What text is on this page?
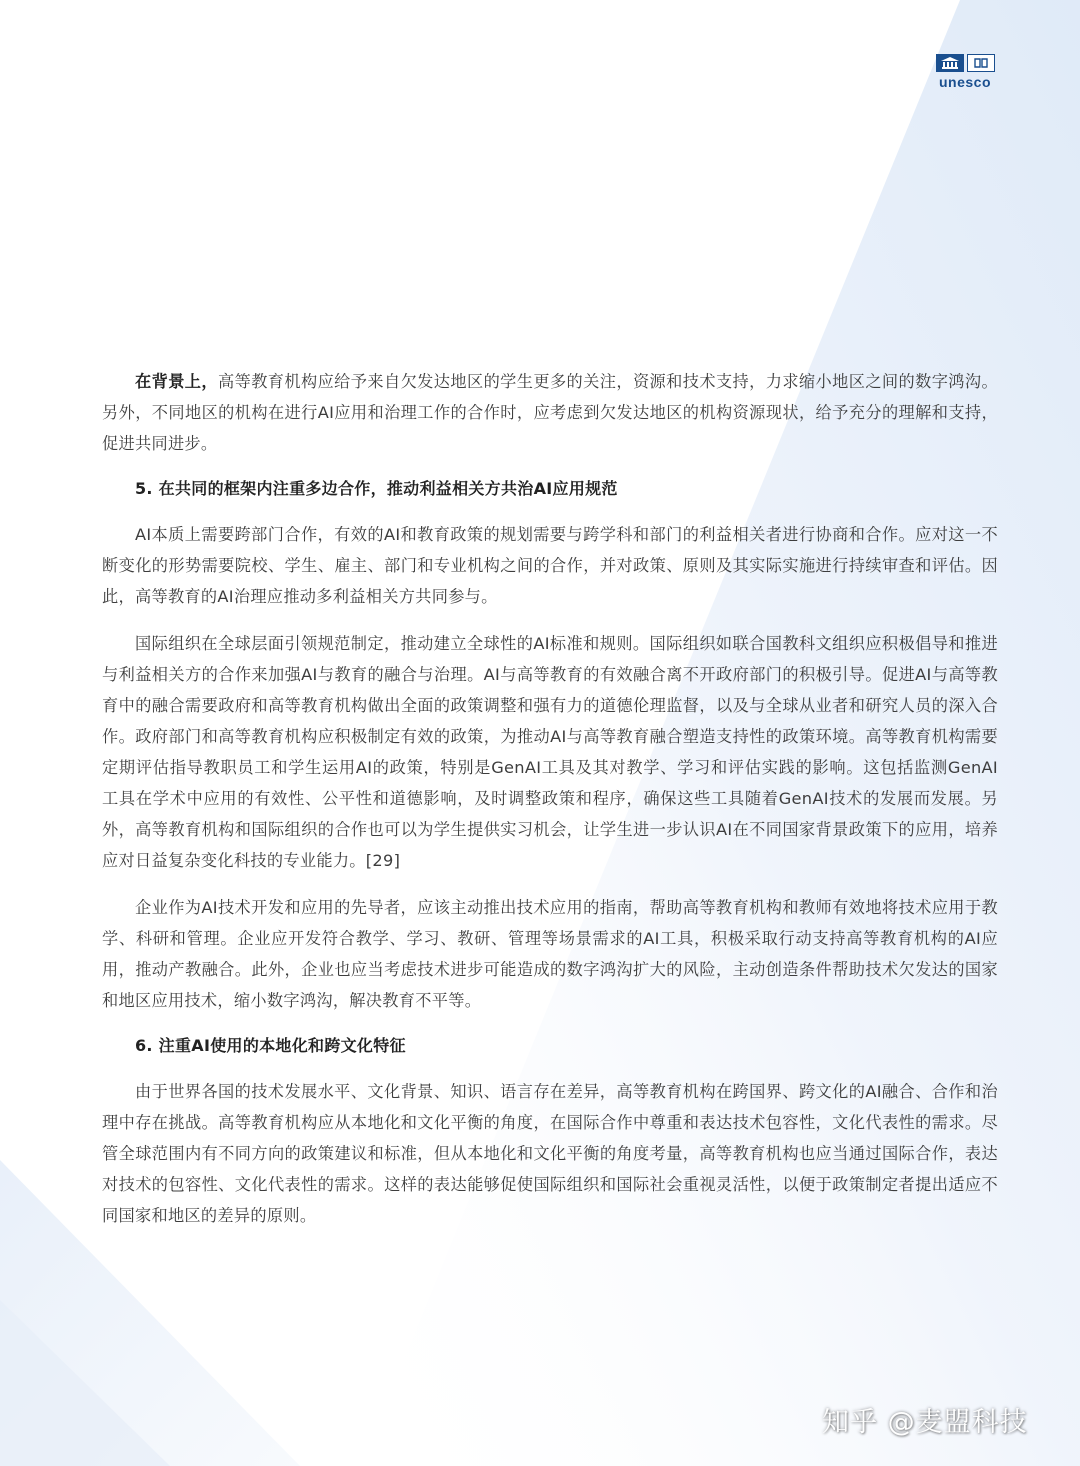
unesco

在背景上，高等教育机构应给予来自欠发达地区的学生更多的关注，资源和技术支持，力求缩小地区之间的数字鸿沟。另外，不同地区的机构在进行AI应用和治理工作的合作时，应考虑到欠发达地区的机构资源现状，给予充分的理解和支持，促进共同进步。

5. 在共同的框架内注重多边合作，推动利益相关方共治AI应用规范

AI本质上需要跨部门合作，有效的AI和教育政策的规划需要与跨学科和部门的利益相关者进行协商和合作。应对这一不断变化的形势需要院校、学生、雇主、部门和专业机构之间的合作，并对政策、原则及其实际实施进行持续审查和评估。因此，高等教育的AI治理应推动多利益相关方共同参与。

国际组织在全球层面引领规范制定，推动建立全球性的AI标准和规则。国际组织如联合国教科文组织应积极倡导和推进与利益相关方的合作来加强AI与教育的融合与治理。AI与高等教育的有效融合离不开政府部门的积极引导。促进AI与高等教育中的融合需要政府和高等教育机构做出全面的政策调整和强有力的道德伦理监督，以及与全球从业者和研究人员的深入合作。政府部门和高等教育机构应积极制定有效的政策，为推动AI与高等教育融合塑造支持性的政策环境。高等教育机构需要定期评估指导教职员工和学生运用AI的政策，特别是GenAI工具及其对教学、学习和评估实践的影响。这包括监测GenAI 工具在学术中应用的有效性、公平性和道德影响，及时调整政策和程序，确保这些工具随着GenAI技术的发展而发展。另外，高等教育机构和国际组织的合作也可以为学生提供实习机会，让学生进一步认识AI在不同国家背景政策下的应用，培养应对日益复杂变化科技的专业能力。[29]

企业作为AI技术开发和应用的先导者，应该主动推出技术应用的指南，帮助高等教育机构和教师有效地将技术应用于教学、科研和管理。企业应开发符合教学、学习、教研、管理等场景需求的AI工具，积极采取行动支持高等教育机构的AI应用，推动产教融合。此外，企业也应当考虑技术进步可能造成的数字鸿沟扩大的风险，主动创造条件帮助技术欠发达的国家和地区应用技术，缩小数字鸿沟，解决教育不平等。

6. 注重AI使用的本地化和跨文化特征

由于世界各国的技术发展水平、文化背景、知识、语言存在差异，高等教育机构在跨国界、跨文化的AI融合、合作和治理中存在挑战。高等教育机构应从本地化和文化平衡的角度，在国际合作中尊重和表达技术包容性，文化代表性的需求。尽管全球范围内有不同方向的政策建议和标准，但从本地化和文化平衡的角度考量，高等教育机构也应当通过国际合作，表达对技术的包容性、文化代表性的需求。这样的表达能够促使国际组织和国际社会重视灵活性，以便于政策制定者提出适应不同国家和地区的差异的原则。

知乎 @麦盟科技
